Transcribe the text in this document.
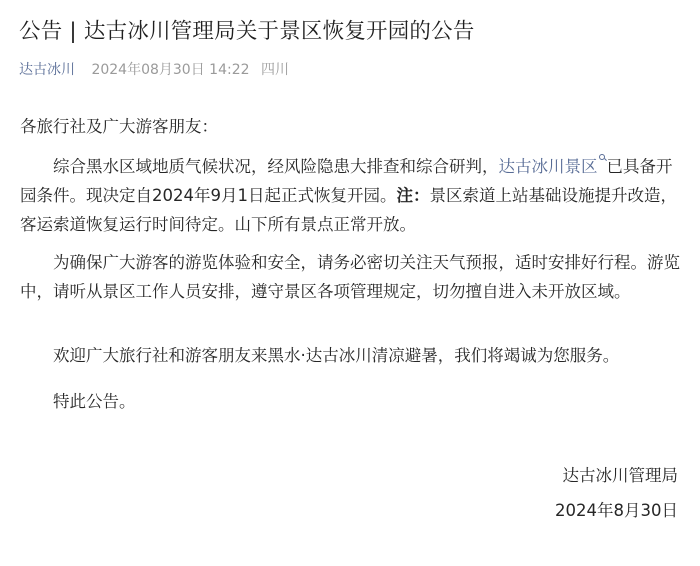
公告 | 达古冰川管理局关于景区恢复开园的公告
达古冰川 2024年08月30日 14:22 四川
各旅行社及广大游客朋友：

综合黑水区域地质气候状况，经风险隐患大排查和综合研判，达古冰川景区 已具备开园条件。现决定自2024年9月1日起正式恢复开园。注：景区索道上站基础设施提升改造，客运索道恢复运行时间待定。山下所有景点正常开放。

为确保广大游客的游览体验和安全，请务必密切关注天气预报，适时安排好行程。游览中，请听从景区工作人员安排，遵守景区各项管理规定，切勿擅自进入未开放区域。

欢迎广大旅行社和游客朋友来黑水·达古冰川清凉避暑，我们将竭诚为您服务。

特此公告。

达古冰川管理局
2024年8月30日
